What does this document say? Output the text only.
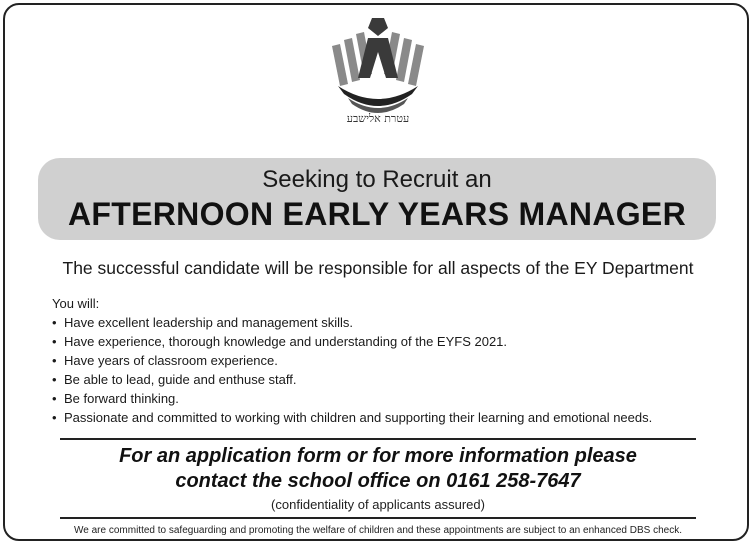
עטרת אלישבע
Seeking to Recruit an
AFTERNOON EARLY YEARS MANAGER
The successful candidate will be responsible for all aspects of the EY Department
You will:
• Have excellent leadership and management skills.
• Have experience, thorough knowledge and understanding of the EYFS 2021.
• Have years of classroom experience.
• Be able to lead, guide and enthuse staff.
• Be forward thinking.
• Passionate and committed to working with children and supporting their learning and emotional needs.
For an application form or for more information please
contact the school office on 0161 258-7647
(confidentiality of applicants assured)
We are committed to safeguarding and promoting the welfare of children and these appointments are subject to an enhanced DBS check.
